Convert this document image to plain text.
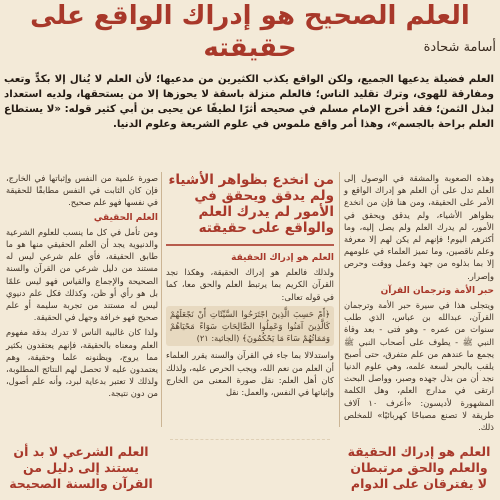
العلم الصحيح هو إدراك الواقع على حقيقته	أسامة شحادة
العلم فضيلة يدعيها الجميع، ولكن الواقع يكذب الكثيرين من مدعيها؛ لأن العلم لا يُنال إلا بكدٍّ وتعب ومفارقة للهوى، وترك تقليد الناس؛ فالعلم منزلة باسقة لا يحوزها إلا من يستحقها، ولديه استعداد لبذل الثمن؛ فقد أخرج الإمام مسلم في صحيحه أثرًا لطيفًا عن يحيى بن أبي كثير قوله: «لا يستطاع العلم براحة بالجسم»، وهذا أمر واقع ملموس في علوم الشريعة وعلوم الدنيا.

وهذه الصعوبة والمشقة في الوصول إلى العلم تدل على أن العلم هو إدراك الواقع و الأمر على الحقيقة، ومن هنا فإن من انخدع بظواهر الأشياء، ولم يدقق ويحقق في الأمور، لم يدرك العلم ولم يصل إليه، وما أكثرهم اليوم! فإنهم لم يكن لهم إلا معرفة وعلم ناقصين، وما تميز العلماء في علومهم إلا بما بذلوه من جهد وعمل ووقت وحرص وإصرار.

حبر الأمة وترجمان القرآن

ويتجلى هذا في سيرة حبر الأمة وترجمان القرآن، عبدالله بن عباس، الذي طلب سنوات من عمره - وهو فتى - بعد وفاة النبي ﷺ - يطوف على أصحاب النبي ﷺ يجمع ما عندهم من علم متفرق، حتى أصبح يلقب بالبحر لسعة علمه، وهي علوم الدنيا نجد أن من بذل جهده وصبر، وواصل البحث ارتقى في مدارج العلم، وهل الكلمة المشهورة لأديسون: «أعرف ١٠ آلاف طريقة لا تصنع مصباحًا كهربائيًا» للمخلص ذلك.

من انخدع بظواهر الأشياء ولم يدقق ويحقق في الأمور لم يدرك العلم والواقع على حقيقته
العلم هو إدراك الحقيقة

ولذلك فالعلم هو إدراك الحقيقة، وهكذا نجد القرآن الكريم بما يرتبط العلم والحق معا، كما في قوله تعالى:

﴿أَمْ حَسِبَ الَّذِينَ اجْتَرَحُوا السَّيِّئَاتِ أَنْ نَجْعَلَهُمْ كَالَّذِينَ آمَنُوا وَعَمِلُوا الصَّالِحَاتِ سَوَاءً مَحْيَاهُمْ وَمَمَاتُهُمْ سَاءَ مَا يَحْكُمُونَ﴾ (الجاثية: ٢١)

واستدلالا بما جاء في القرآن والسنة يقرر العلماء أن العلم من نعم الله، ويجب الحرص عليه، ولذلك كان أهل العلم: نقل صورة المعنى من الخارج وإثباتها في النفس، والعمل: نقل

صورة علمية من النفس وإثباتها في الخارج، فإن كان الثابت في النفس مطابقًا للحقيقة في نفسها فهو علم صحيح.

العلم الحقيقي

ومن تأمل في كل ما ينسب للعلوم الشرعية والدنيوية يجد أن العلم الحقيقي منها هو ما طابق الحقيقة، فأي علم شرعي ليس له مستند من دليل شرعي من القرآن والسنة الصحيحة والإجماع والقياس فهو ليس علمًا بل هو رأي أو ظن، وكذلك فكل علم دنيوي ليس له مستند من تجربة سليمة أو علم صحيح فهو خرافة وجهل في الحقيقة.

ولذا كان غالبية الناس لا تدرك بدقة مفهوم العلم ومعناه بالحقيقة، فإنهم يعتقدون بكثير مما يروج، ويظنونه علما وحقيقة، وهم يعتمدون عليه لا تحصل لهم النتائج المطلوبة، ولذلك لا تعتبر بدعاية لبرد، وأنه علم أصول، من دون نتيجة.

العلم هو إدراك الحقيقة والعلم والحق مرتبطان لا يفترقان على الدوام
العلم الشرعي لا بد أن يستند إلى دليل من القرآن والسنة الصحيحة
